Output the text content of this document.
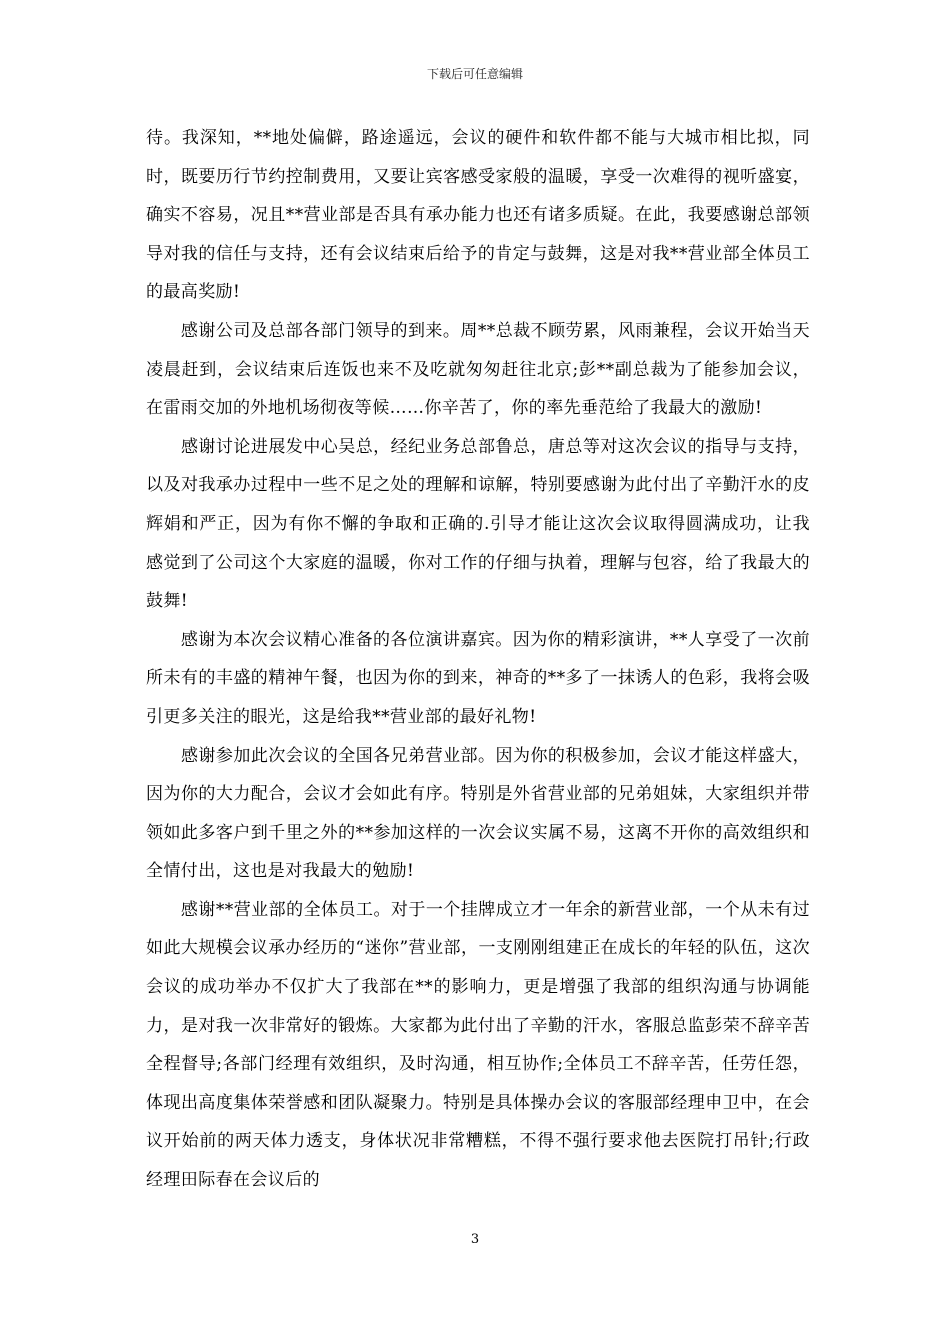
下载后可任意编辑

待。我深知，**地处偏僻，路途遥远，会议的硬件和软件都不能与大城市相比拟，同时，既要历行节约控制费用，又要让宾客感受家般的温暖，享受一次难得的视听盛宴，确实不容易，况且**营业部是否具有承办能力也还有诸多质疑。在此，我要感谢总部领导对我的信任与支持，还有会议结束后给予的肯定与鼓舞，这是对我**营业部全体员工的最高奖励!

　　感谢公司及总部各部门领导的到来。周**总裁不顾劳累，风雨兼程，会议开始当天凌晨赶到，会议结束后连饭也来不及吃就匆匆赶往北京;彭**副总裁为了能参加会议，在雷雨交加的外地机场彻夜等候……你辛苦了，你的率先垂范给了我最大的激励!

　　感谢讨论进展发中心吴总，经纪业务总部鲁总，唐总等对这次会议的指导与支持，以及对我承办过程中一些不足之处的理解和谅解，特别要感谢为此付出了辛勤汗水的皮辉娟和严正，因为有你不懈的争取和正确的.引导才能让这次会议取得圆满成功，让我感觉到了公司这个大家庭的温暖，你对工作的仔细与执着，理解与包容，给了我最大的鼓舞!

　　感谢为本次会议精心准备的各位演讲嘉宾。因为你的精彩演讲，**人享受了一次前所未有的丰盛的精神午餐，也因为你的到来，神奇的**多了一抹诱人的色彩，我将会吸引更多关注的眼光，这是给我**营业部的最好礼物!

　　感谢参加此次会议的全国各兄弟营业部。因为你的积极参加，会议才能这样盛大，因为你的大力配合，会议才会如此有序。特别是外省营业部的兄弟姐妹，大家组织并带领如此多客户到千里之外的**参加这样的一次会议实属不易，这离不开你的高效组织和全情付出，这也是对我最大的勉励!

　　感谢**营业部的全体员工。对于一个挂牌成立才一年余的新营业部，一个从未有过如此大规模会议承办经历的“迷你”营业部，一支刚刚组建正在成长的年轻的队伍，这次会议的成功举办不仅扩大了我部在**的影响力，更是增强了我部的组织沟通与协调能力，是对我一次非常好的锻炼。大家都为此付出了辛勤的汗水，客服总监彭荣不辞辛苦全程督导;各部门经理有效组织，及时沟通，相互协作;全体员工不辞辛苦，任劳任怨，体现出高度集体荣誉感和团队凝聚力。特别是具体操办会议的客服部经理申卫中，在会议开始前的两天体力透支，身体状况非常糟糕，不得不强行要求他去医院打吊针;行政经理田际春在会议后的

3
